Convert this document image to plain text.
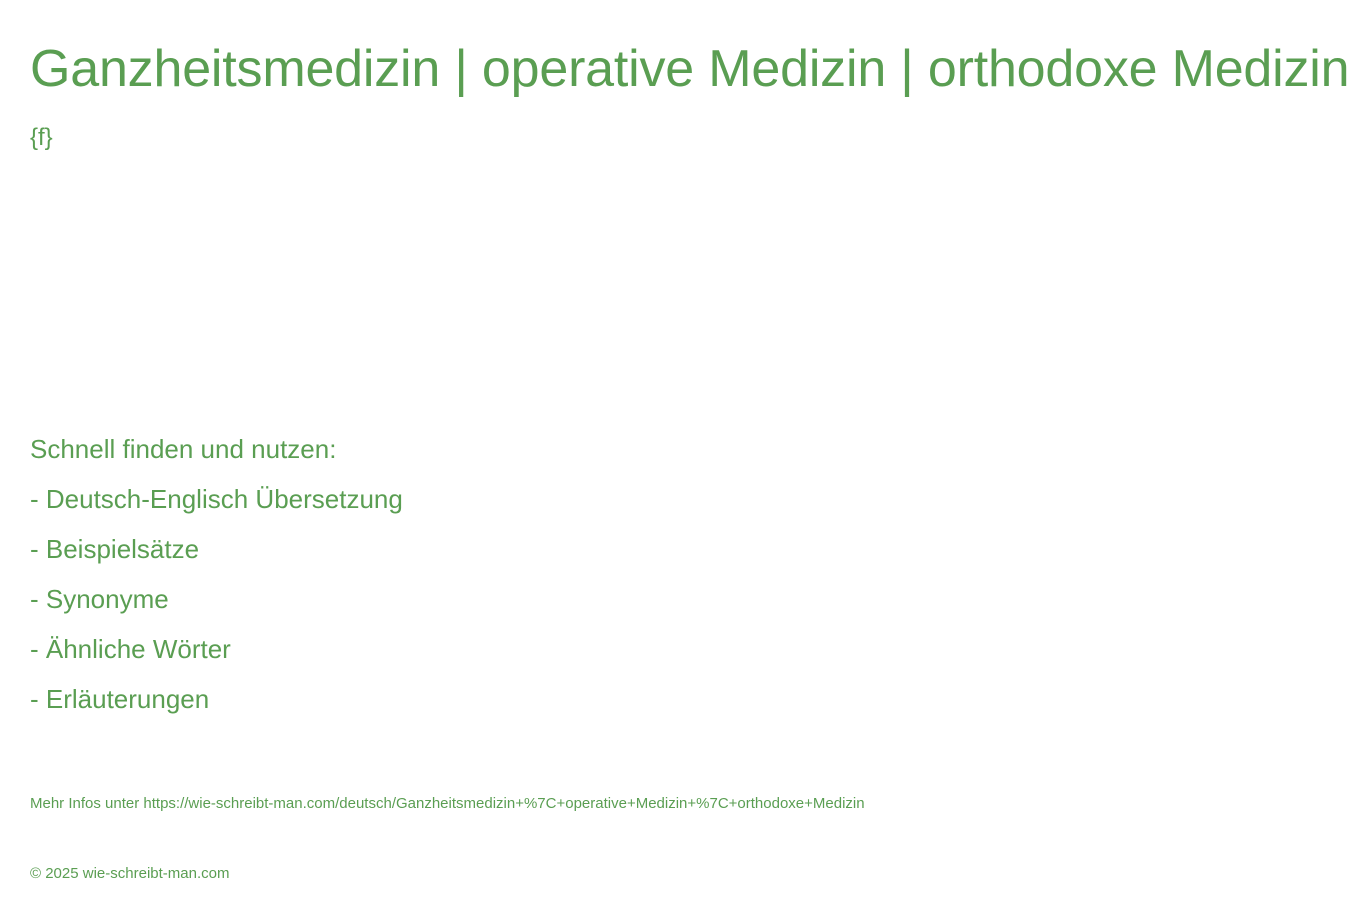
Ganzheitsmedizin | operative Medizin | orthodoxe Medizin
{f}
Schnell finden und nutzen:
- Deutsch-Englisch Übersetzung
- Beispielsätze
- Synonyme
- Ähnliche Wörter
- Erläuterungen
Mehr Infos unter https://wie-schreibt-man.com/deutsch/Ganzheitsmedizin+%7C+operative+Medizin+%7C+orthodoxe+Medizin
© 2025 wie-schreibt-man.com
